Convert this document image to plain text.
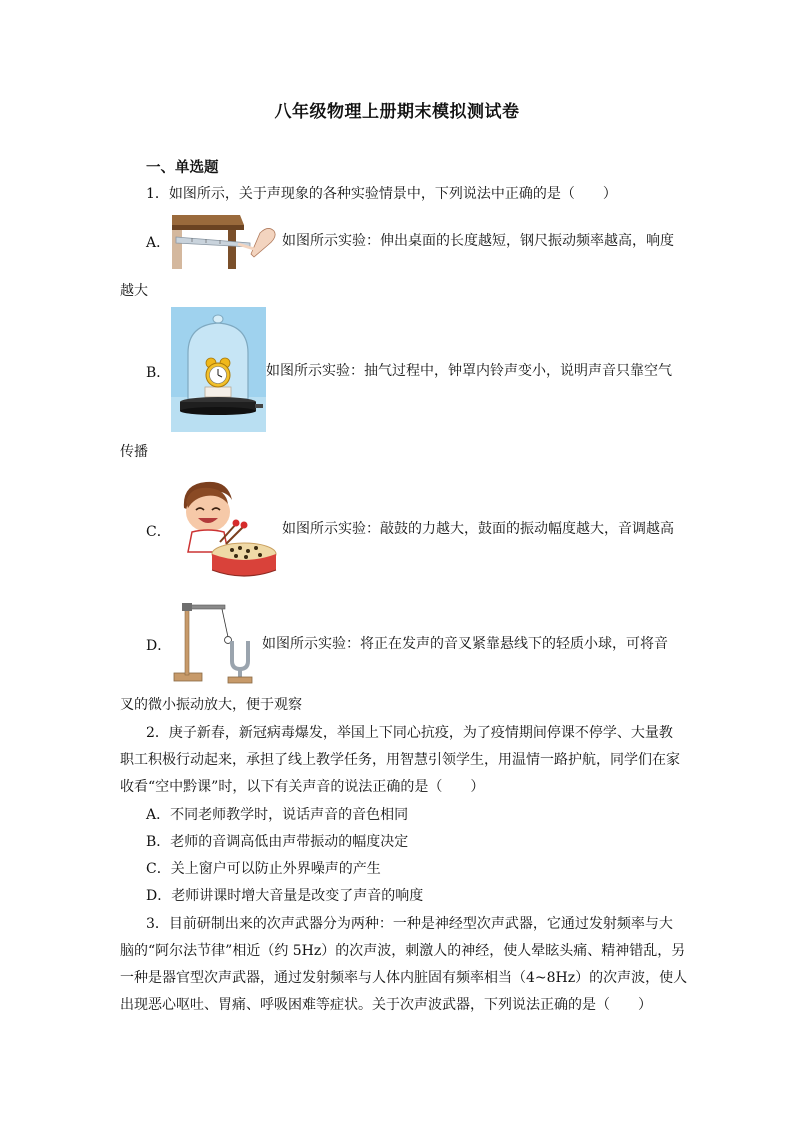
八年级物理上册期末模拟测试卷
一、单选题
1．如图所示，关于声现象的各种实验情景中，下列说法中正确的是（　　）
A．	如图所示实验：伸出桌面的长度越短，钢尺振动频率越高，响度
越大
B．	如图所示实验：抽气过程中，钟罩内铃声变小，说明声音只靠空气
传播
C．	如图所示实验：敲鼓的力越大，鼓面的振动幅度越大，音调越高
D．	如图所示实验：将正在发声的音叉紧靠悬线下的轻质小球，可将音
叉的微小振动放大，便于观察
2．庚子新春，新冠病毒爆发，举国上下同心抗疫，为了疫情期间停课不停学、大量教
职工积极行动起来，承担了线上教学任务，用智慧引领学生，用温情一路护航，同学们在家
收看“空中黔课”时，以下有关声音的说法正确的是（　　）
A．不同老师教学时，说话声音的音色相同
B．老师的音调高低由声带振动的幅度决定
C．关上窗户可以防止外界噪声的产生
D．老师讲课时增大音量是改变了声音的响度
3．目前研制出来的次声武器分为两种：一种是神经型次声武器，它通过发射频率与大
脑的“阿尔法节律”相近（约 5Hz）的次声波，刺激人的神经，使人晕眩头痛、精神错乱，另
一种是器官型次声武器，通过发射频率与人体内脏固有频率相当（4~8Hz）的次声波，使人
出现恶心呕吐、胃痛、呼吸困难等症状。关于次声波武器，下列说法正确的是（　　）
